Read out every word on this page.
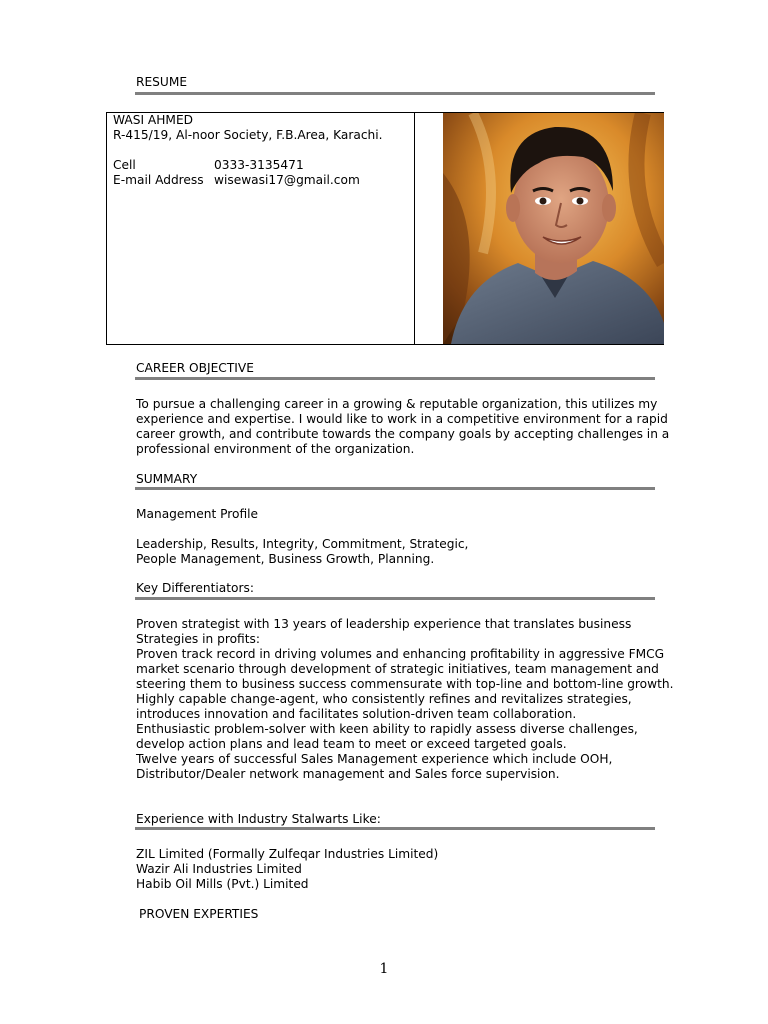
RESUME
WASI AHMED
R-415/19, Al-noor Society, F.B.Area, Karachi.
Cell	0333-3135471
E-mail Address wisewasi17@gmail.com
CAREER OBJECTIVE
To pursue a challenging career in a growing & reputable organization, this utilizes my
experience and expertise. I would like to work in a competitive environment for a rapid
career growth, and contribute towards the company goals by accepting challenges in a
professional environment of the organization.
SUMMARY
Management Profile
Leadership, Results, Integrity, Commitment, Strategic,
People Management, Business Growth, Planning.
Key Differentiators:
Proven strategist with 13 years of leadership experience that translates business
Strategies in profits:
Proven track record in driving volumes and enhancing profitability in aggressive FMCG
market scenario through development of strategic initiatives, team management and
steering them to business success commensurate with top-line and bottom-line growth.
Highly capable change-agent, who consistently refines and revitalizes strategies,
introduces innovation and facilitates solution-driven team collaboration.
Enthusiastic problem-solver with keen ability to rapidly assess diverse challenges,
develop action plans and lead team to meet or exceed targeted goals.
Twelve years of successful Sales Management experience which include OOH,
Distributor/Dealer network management and Sales force supervision.
Experience with Industry Stalwarts Like:
ZIL Limited (Formally Zulfeqar Industries Limited)
Wazir Ali Industries Limited
Habib Oil Mills (Pvt.) Limited
PROVEN EXPERTIES
1
